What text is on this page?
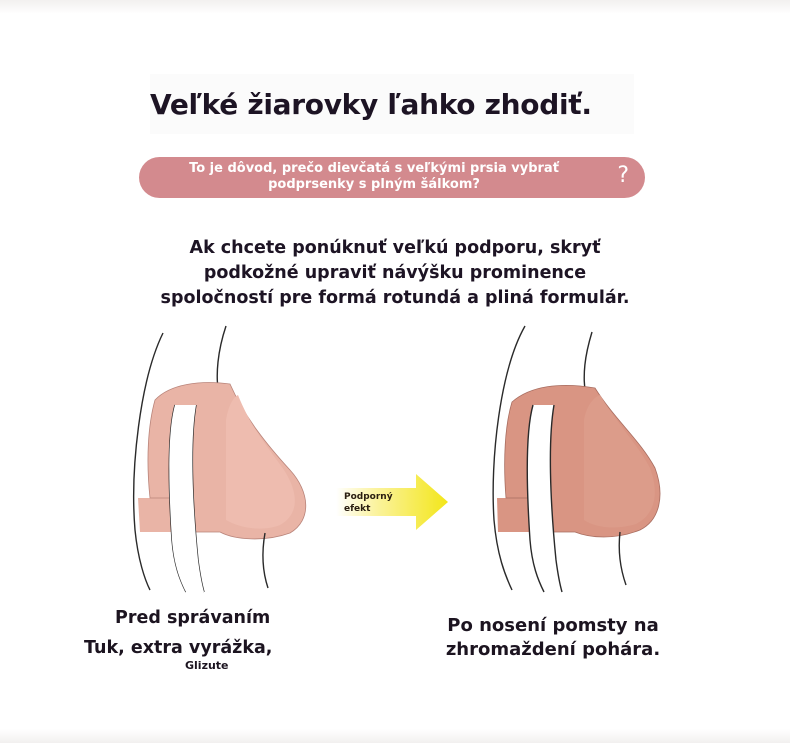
Veľké žiarovky ľahko zhodiť.
To je dôvod, prečo dievčatá s veľkými prsia vybrať podprsenky s plným šálkom?	?
Ak chcete ponúknuť veľkú podporu, skryť
podkožné upraviť návýšku prominence
spoločností pre formá rotundá a pliná formulár.
Podporný
efekt
Pred správaním
Tuk, extra vyrážka,
Glizute
Po nosení pomsty na
zhromaždení pohára.
